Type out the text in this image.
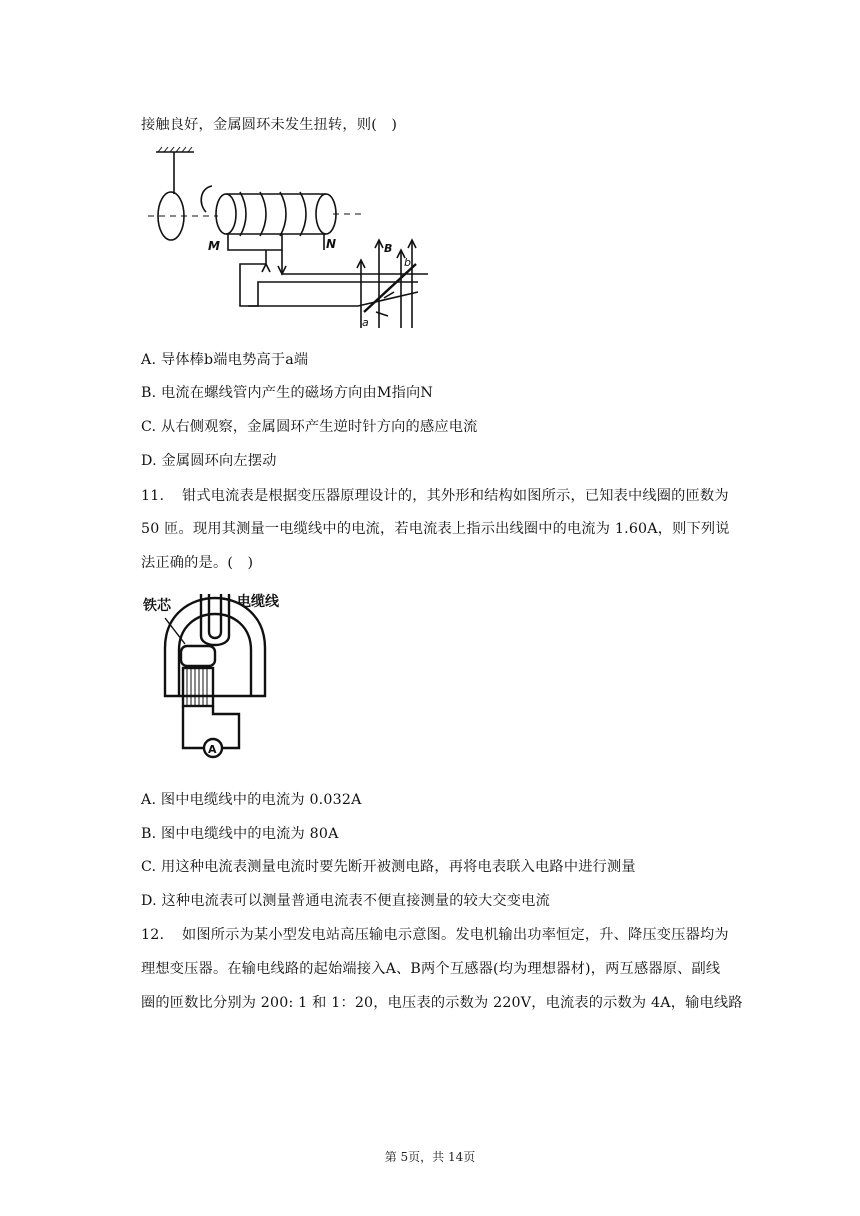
接触良好，金属圆环未发生扭转，则(　)
M	N	B
a
b
A. 导体棒b端电势高于a端
B. 电流在螺线管内产生的磁场方向由M指向N
C. 从右侧观察，金属圆环产生逆时针方向的感应电流
D. 金属圆环向左摆动
11. 钳式电流表是根据变压器原理设计的，其外形和结构如图所示，已知表中线圈的匝数为
50 匝。现用其测量一电缆线中的电流，若电流表上指示出线圈中的电流为 1.60A，则下列说
法正确的是。(　)
铁芯	电缆线
A
A. 图中电缆线中的电流为 0.032A
B. 图中电缆线中的电流为 80A
C. 用这种电流表测量电流时要先断开被测电路，再将电表联入电路中进行测量
D. 这种电流表可以测量普通电流表不便直接测量的较大交变电流
12. 如图所示为某小型发电站高压输电示意图。发电机输出功率恒定，升、降压变压器均为
理想变压器。在输电线路的起始端接入A、B两个互感器(均为理想器材)，两互感器原、副线
圈的匝数比分别为 200: 1 和 1：20，电压表的示数为 220V，电流表的示数为 4A，输电线路
第 5页，共 14页
